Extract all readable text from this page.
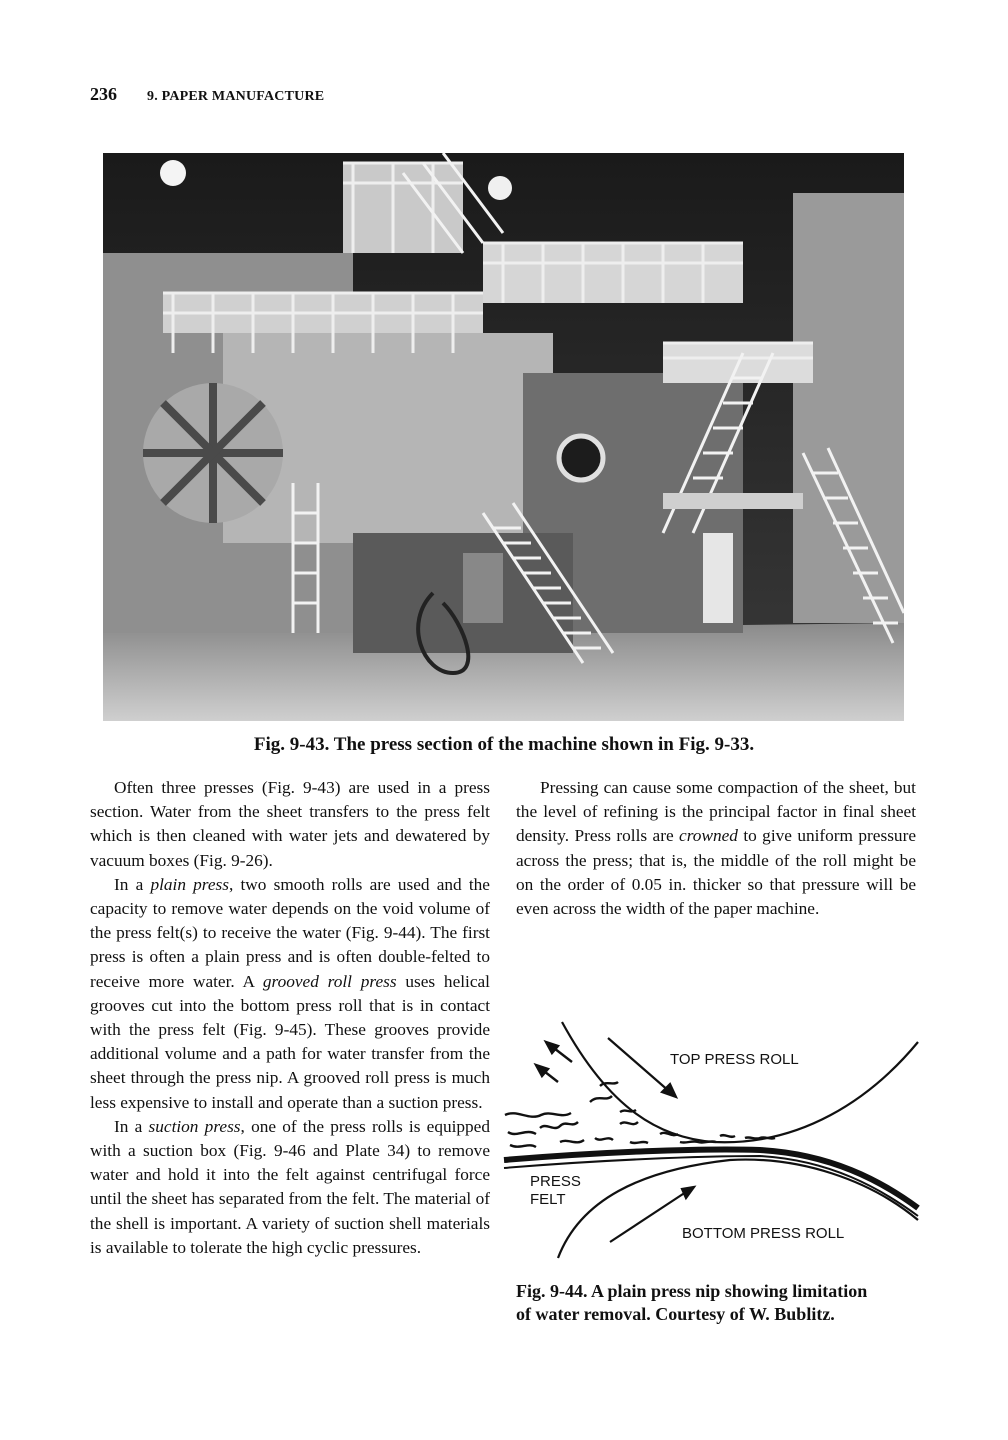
236 9. PAPER MANUFACTURE
Fig. 9-43. The press section of the machine shown in Fig. 9-33.

Often three presses (Fig. 9-43) are used in a press section. Water from the sheet transfers to the press felt which is then cleaned with water jets and dewatered by vacuum boxes (Fig. 9-26).

In a plain press, two smooth rolls are used and the capacity to remove water depends on the void volume of the press felt(s) to receive the water (Fig. 9-44). The first press is often a plain press and is often double-felted to receive more water. A grooved roll press uses helical grooves cut into the bottom press roll that is in contact with the press felt (Fig. 9-45). These grooves provide additional volume and a path for water transfer from the sheet through the press nip. A grooved roll press is much less expensive to install and operate than a suction press.

In a suction press, one of the press rolls is equipped with a suction box (Fig. 9-46 and Plate 34) to remove water and hold it into the felt against centrifugal force until the sheet has separated from the felt. The material of the shell is important. A variety of suction shell materials is available to tolerate the high cyclic pressures.

Pressing can cause some compaction of the sheet, but the level of refining is the principal factor in final sheet density. Press rolls are crowned to give uniform pressure across the press; that is, the middle of the roll might be on the order of 0.05 in. thicker so that pressure will be even across the width of the paper machine.

TOP PRESS ROLL
PRESS
FELT
BOTTOM PRESS ROLL
Fig. 9-44. A plain press nip showing limitation
of water removal. Courtesy of W. Bublitz.
